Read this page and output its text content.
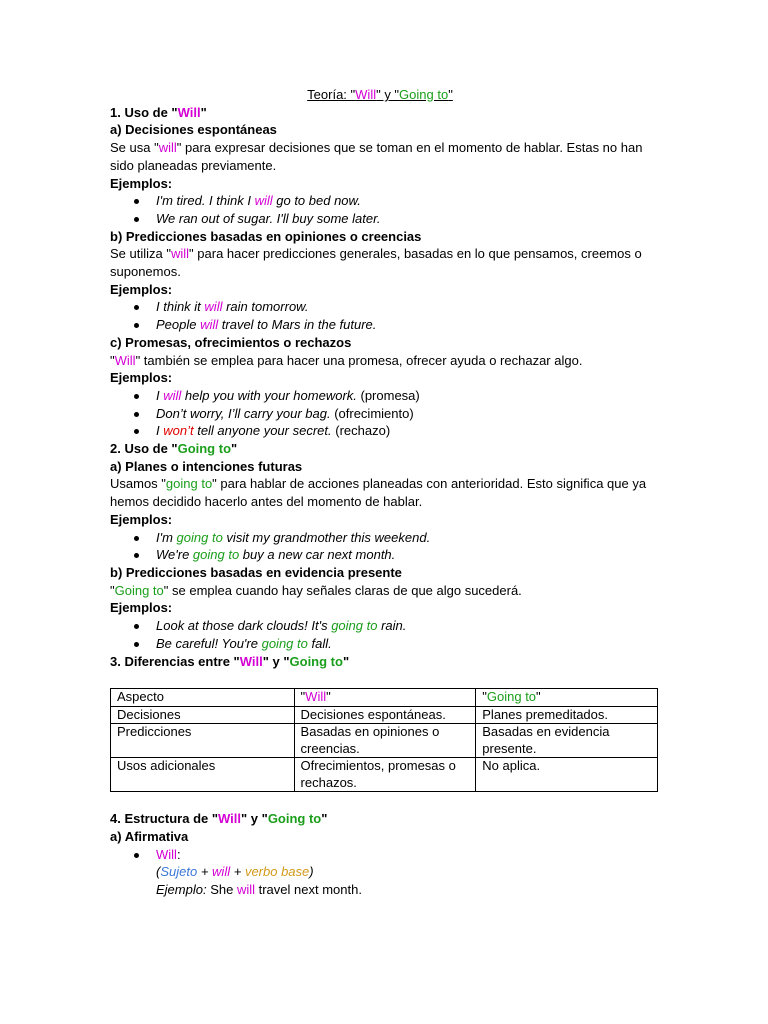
Teoría: "Will" y "Going to"
1. Uso de "Will"
a) Decisiones espontáneas
Se usa "will" para expresar decisiones que se toman en el momento de hablar. Estas no han sido planeadas previamente.
Ejemplos:
I'm tired. I think I will go to bed now.
We ran out of sugar. I'll buy some later.
b) Predicciones basadas en opiniones o creencias
Se utiliza "will" para hacer predicciones generales, basadas en lo que pensamos, creemos o suponemos.
Ejemplos:
I think it will rain tomorrow.
People will travel to Mars in the future.
c) Promesas, ofrecimientos o rechazos
"Will" también se emplea para hacer una promesa, ofrecer ayuda o rechazar algo.
Ejemplos:
I will help you with your homework. (promesa)
Don’t worry, I’ll carry your bag. (ofrecimiento)
I won’t tell anyone your secret. (rechazo)
2. Uso de "Going to"
a) Planes o intenciones futuras
Usamos "going to" para hablar de acciones planeadas con anterioridad. Esto significa que ya hemos decidido hacerlo antes del momento de hablar.
Ejemplos:
I'm going to visit my grandmother this weekend.
We're going to buy a new car next month.
b) Predicciones basadas en evidencia presente
"Going to" se emplea cuando hay señales claras de que algo sucederá.
Ejemplos:
Look at those dark clouds! It's going to rain.
Be careful! You're going to fall.
3. Diferencias entre "Will" y "Going to"
Aspecto	"Will"	"Going to"
Decisiones	Decisiones espontáneas.	Planes premeditados.
Predicciones	Basadas en opiniones o creencias.	Basadas en evidencia presente.
Usos adicionales	Ofrecimientos, promesas o rechazos.	No aplica.
4. Estructura de "Will" y "Going to"
a) Afirmativa
Will:
(Sujeto + will + verbo base)
Ejemplo: She will travel next month.
